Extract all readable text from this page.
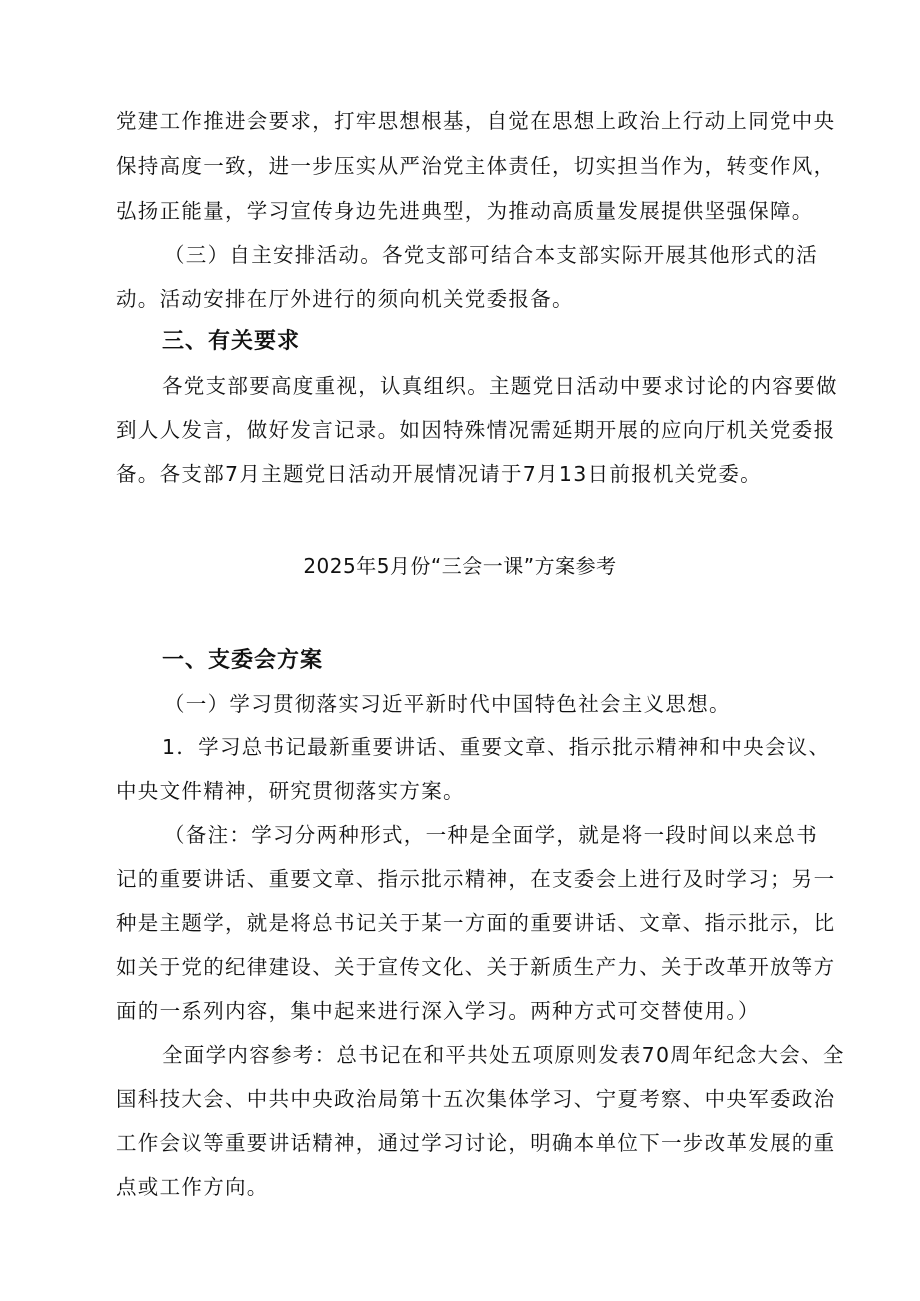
党建工作推进会要求，打牢思想根基，自觉在思想上政治上行动上同党中央
保持高度一致，进一步压实从严治党主体责任，切实担当作为，转变作风，
弘扬正能量，学习宣传身边先进典型，为推动高质量发展提供坚强保障。
（三）自主安排活动。各党支部可结合本支部实际开展其他形式的活
动。活动安排在厅外进行的须向机关党委报备。
三、有关要求
各党支部要高度重视，认真组织。主题党日活动中要求讨论的内容要做
到人人发言，做好发言记录。如因特殊情况需延期开展的应向厅机关党委报
备。各支部7月主题党日活动开展情况请于7月13日前报机关党委。
2025年5月份“三会一课”方案参考
一、支委会方案
（一）学习贯彻落实习近平新时代中国特色社会主义思想。
1．学习总书记最新重要讲话、重要文章、指示批示精神和中央会议、
中央文件精神，研究贯彻落实方案。
（备注：学习分两种形式，一种是全面学，就是将一段时间以来总书
记的重要讲话、重要文章、指示批示精神，在支委会上进行及时学习；另一
种是主题学，就是将总书记关于某一方面的重要讲话、文章、指示批示，比
如关于党的纪律建设、关于宣传文化、关于新质生产力、关于改革开放等方
面的一系列内容，集中起来进行深入学习。两种方式可交替使用。）
全面学内容参考：总书记在和平共处五项原则发表70周年纪念大会、全
国科技大会、中共中央政治局第十五次集体学习、宁夏考察、中央军委政治
工作会议等重要讲话精神，通过学习讨论，明确本单位下一步改革发展的重
点或工作方向。
